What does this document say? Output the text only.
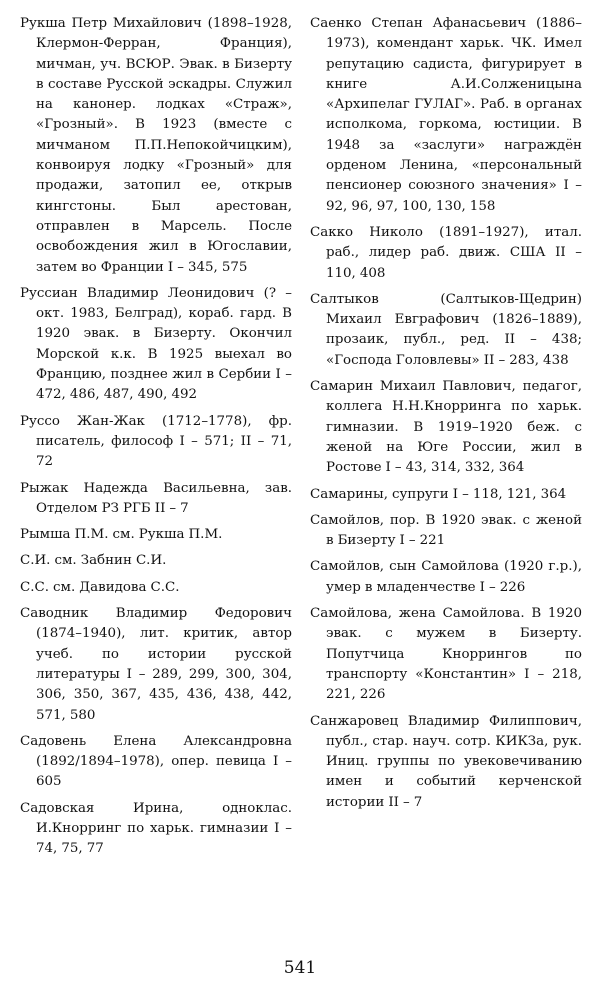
Рукша Петр Михайлович (1898–1928, Клермон-Ферран, Франция), мичман, уч. ВСЮР. Эвак. в Бизерту в составе Русской эскадры. Служил на канонер. лодках «Страж», «Грозный». В 1923 (вместе с мичманом П.П.Непокойчицким), конвоируя лодку «Грозный» для продажи, затопил ее, открыв кингстоны. Был арестован, отправлен в Марсель. После освобождения жил в Югославии, затем во Франции I – 345, 575

Руссиан Владимир Леонидович (? – окт. 1983, Белград), кораб. гард. В 1920 эвак. в Бизерту. Окончил Морской к.к. В 1925 выехал во Францию, позднее жил в Сербии I – 472, 486, 487, 490, 492

Руссо Жан-Жак (1712–1778), фр. писатель, философ I – 571; II – 71, 72

Рыжак Надежда Васильевна, зав. Отделом РЗ РГБ II – 7

Рымша П.М. см. Рукша П.М.

С.И. см. Забнин С.И.

С.С. см. Давидова С.С.

Саводник Владимир Федорович (1874–1940), лит. критик, автор учеб. по истории русской литературы I – 289, 299, 300, 304, 306, 350, 367, 435, 436, 438, 442, 571, 580

Садовень Елена Александровна (1892/1894–1978), опер. певица I – 605

Садовская Ирина, одноклас. И.Кнорринг по харьк. гимназии I – 74, 75, 77

Саенко Степан Афанасьевич (1886–1973), комендант харьк. ЧК. Имел репутацию садиста, фигурирует в книге А.И.Солженицына «Архипелаг ГУЛАГ». Раб. в органах исполкома, горкома, юстиции. В 1948 за «заслуги» награждён орденом Ленина, «персональный пенсионер союзного значения» I – 92, 96, 97, 100, 130, 158

Сакко Николо (1891–1927), итал. раб., лидер раб. движ. США II – 110, 408

Салтыков (Салтыков-Щедрин) Михаил Евграфович (1826–1889), прозаик, публ., ред. II – 438; «Господа Головлевы» II – 283, 438

Самарин Михаил Павлович, педагог, коллега Н.Н.Кнорринга по харьк. гимназии. В 1919–1920 беж. с женой на Юге России, жил в Ростове I – 43, 314, 332, 364

Самарины, супруги I – 118, 121, 364

Самойлов, пор. В 1920 эвак. с женой в Бизерту I – 221

Самойлов, сын Самойлова (1920 г.р.), умер в младенчестве I – 226

Самойлова, жена Самойлова. В 1920 эвак. с мужем в Бизерту. Попутчица Кноррингов по транспорту «Константин» I – 218, 221, 226

Санжаровец Владимир Филиппович, публ., стар. науч. сотр. КИКЗа, рук. Иниц. группы по увековечиванию имен и событий керченской истории II – 7

541
